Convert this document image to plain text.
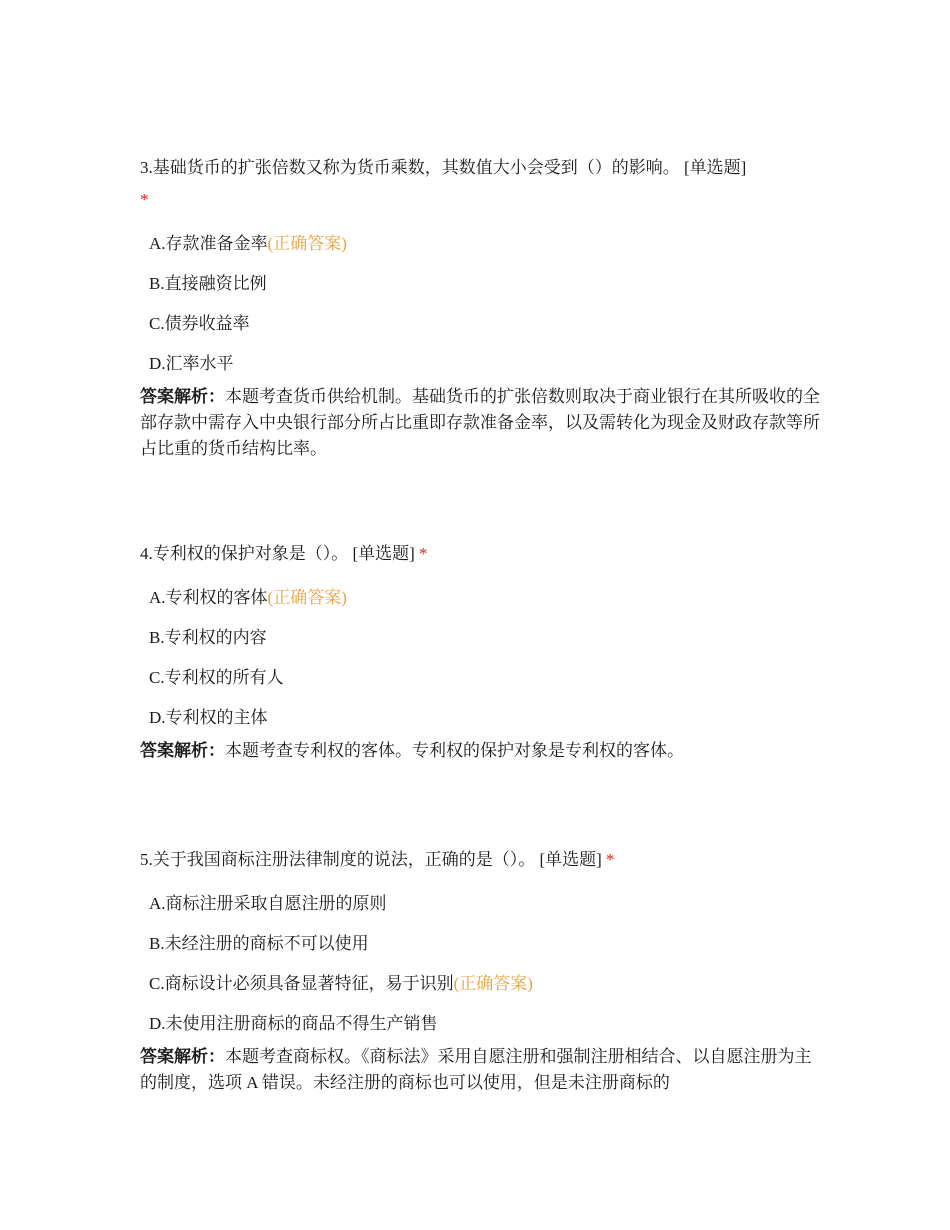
3.基础货币的扩张倍数又称为货币乘数，其数值大小会受到（）的影响。 [单选题]
*

A.存款准备金率(正确答案)
B.直接融资比例
C.债券收益率
D.汇率水平

答案解析：本题考查货币供给机制。基础货币的扩张倍数则取决于商业银行在其所吸收的全部存款中需存入中央银行部分所占比重即存款准备金率，以及需转化为现金及财政存款等所占比重的货币结构比率。

4.专利权的保护对象是（）。 [单选题] *

A.专利权的客体(正确答案)
B.专利权的内容
C.专利权的所有人
D.专利权的主体

答案解析：本题考查专利权的客体。专利权的保护对象是专利权的客体。

5.关于我国商标注册法律制度的说法，正确的是（）。 [单选题] *

A.商标注册采取自愿注册的原则
B.未经注册的商标不可以使用
C.商标设计必须具备显著特征，易于识别(正确答案)
D.未使用注册商标的商品不得生产销售

答案解析：本题考查商标权。《商标法》采用自愿注册和强制注册相结合、以自愿注册为主的制度，选项 A 错误。未经注册的商标也可以使用，但是未注册商标的
